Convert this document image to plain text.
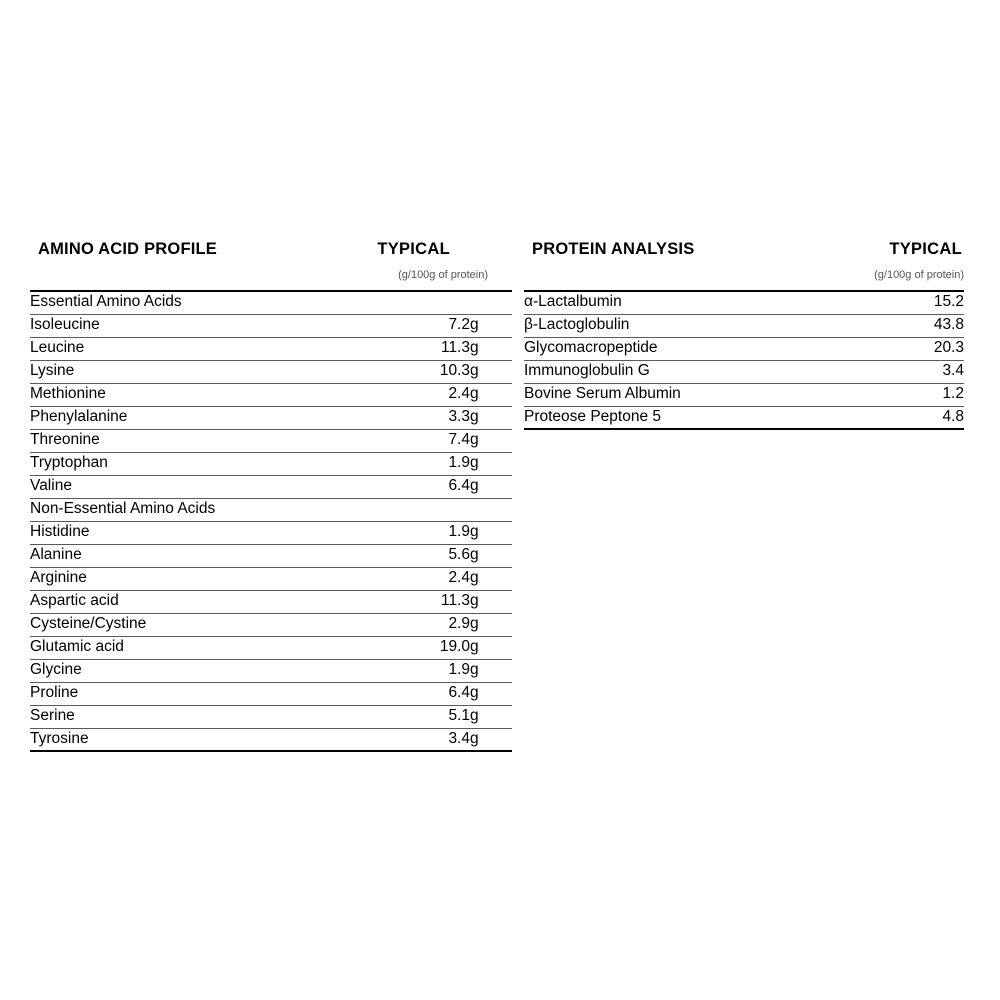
AMINO ACID PROFILE	TYPICAL
(g/100g of protein)
Essential Amino Acids		
Isoleucine	7.2	g
Leucine	11.3	g
Lysine	10.3	g
Methionine	2.4	g
Phenylalanine	3.3	g
Threonine	7.4	g
Tryptophan	1.9	g
Valine	6.4	g
Non-Essential Amino Acids		
Histidine	1.9	g
Alanine	5.6	g
Arginine	2.4	g
Aspartic acid	11.3	g
Cysteine/Cystine	2.9	g
Glutamic acid	19.0	g
Glycine	1.9	g
Proline	6.4	g
Serine	5.1	g
Tyrosine	3.4	g
PROTEIN ANALYSIS	TYPICAL
(g/100g of protein)
α-Lactalbumin	15.2
β-Lactoglobulin	43.8
Glycomacropeptide	20.3
Immunoglobulin G	3.4
Bovine Serum Albumin	1.2
Proteose Peptone 5	4.8
